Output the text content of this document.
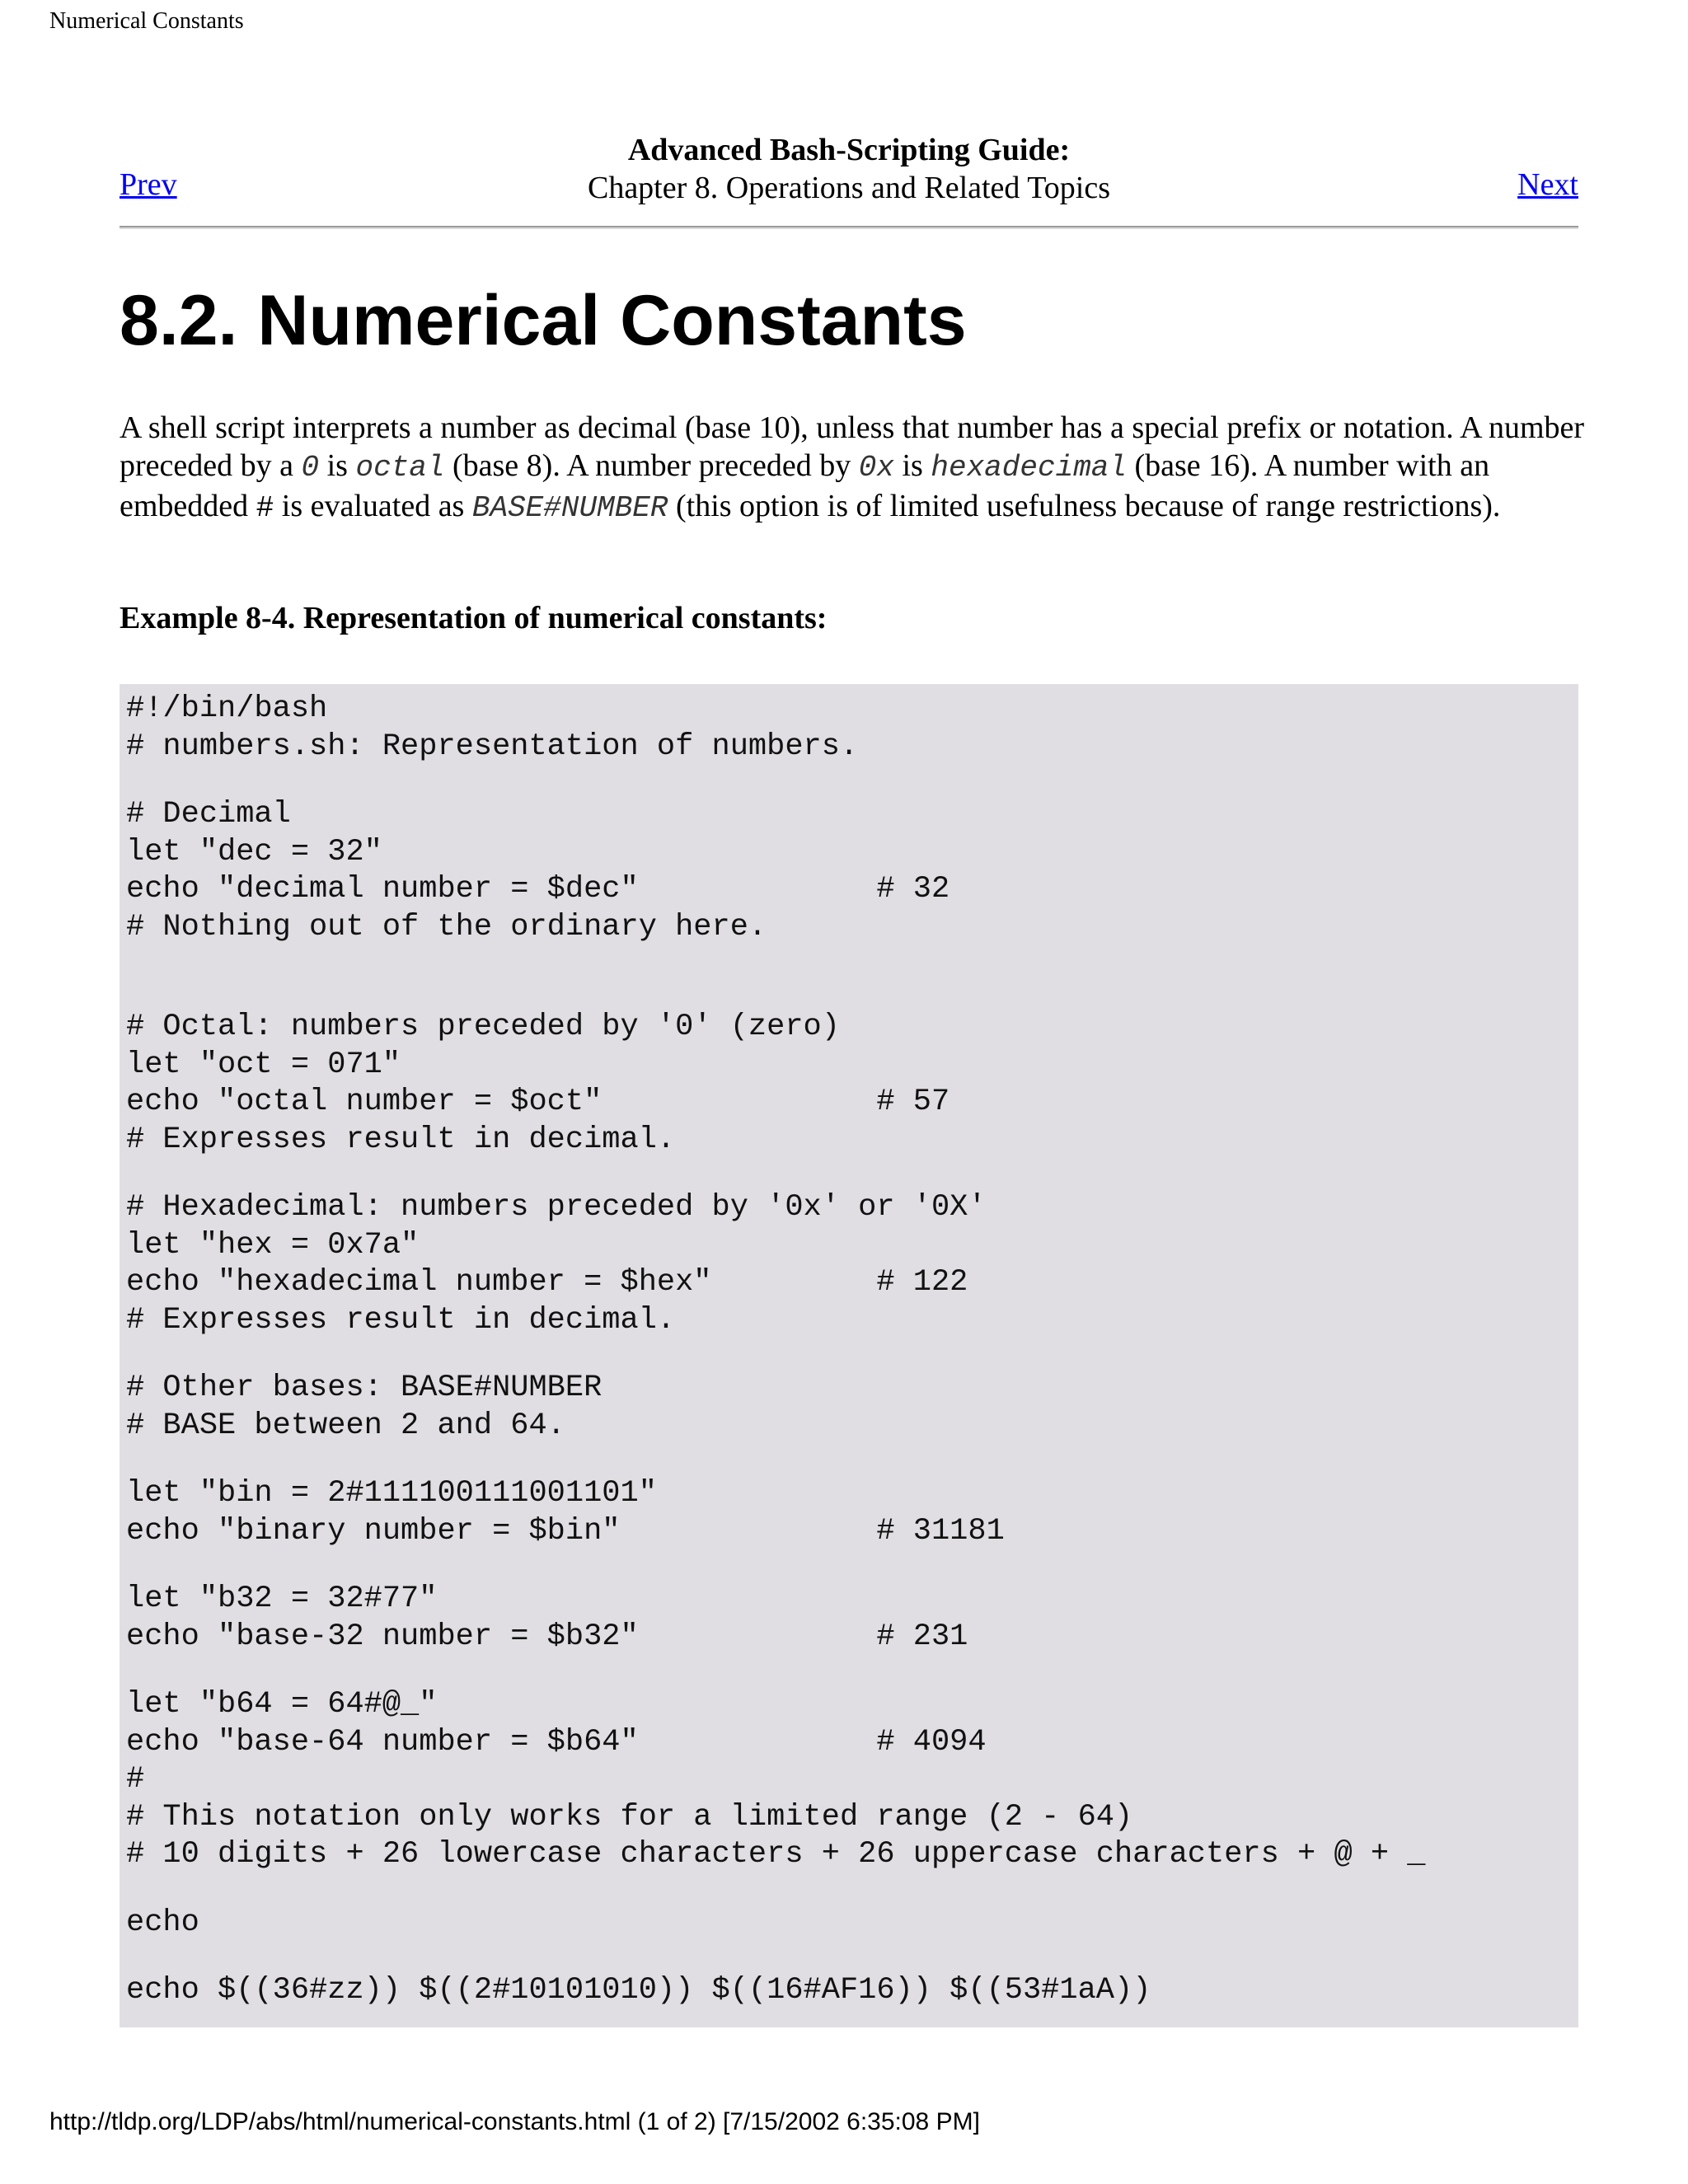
Numerical Constants
Advanced Bash-Scripting Guide:
Chapter 8. Operations and Related Topics
Prev	Next
8.2. Numerical Constants

A shell script interprets a number as decimal (base 10), unless that number has a special prefix or notation. A number preceded by a 0 is octal (base 8). A number preceded by 0x is hexadecimal (base 16). A number with an embedded # is evaluated as BASE#NUMBER (this option is of limited usefulness because of range restrictions).

Example 8-4. Representation of numerical constants:
#!/bin/bash
# numbers.sh: Representation of numbers.
# Decimal
let "dec = 32"
echo "decimal number = $dec"             # 32
# Nothing out of the ordinary here.
# Octal: numbers preceded by '0' (zero)
let "oct = 071"
echo "octal number = $oct"               # 57
# Expresses result in decimal.
# Hexadecimal: numbers preceded by '0x' or '0X'
let "hex = 0x7a"
echo "hexadecimal number = $hex"         # 122
# Expresses result in decimal.
# Other bases: BASE#NUMBER
# BASE between 2 and 64.
let "bin = 2#111100111001101"
echo "binary number = $bin"              # 31181
let "b32 = 32#77"
echo "base-32 number = $b32"             # 231
let "b64 = 64#@_"
echo "base-64 number = $b64"             # 4094
#
# This notation only works for a limited range (2 - 64)
# 10 digits + 26 lowercase characters + 26 uppercase characters + @ + _
echo
echo $((36#zz)) $((2#10101010)) $((16#AF16)) $((53#1aA))
http://tldp.org/LDP/abs/html/numerical-constants.html (1 of 2) [7/15/2002 6:35:08 PM]
